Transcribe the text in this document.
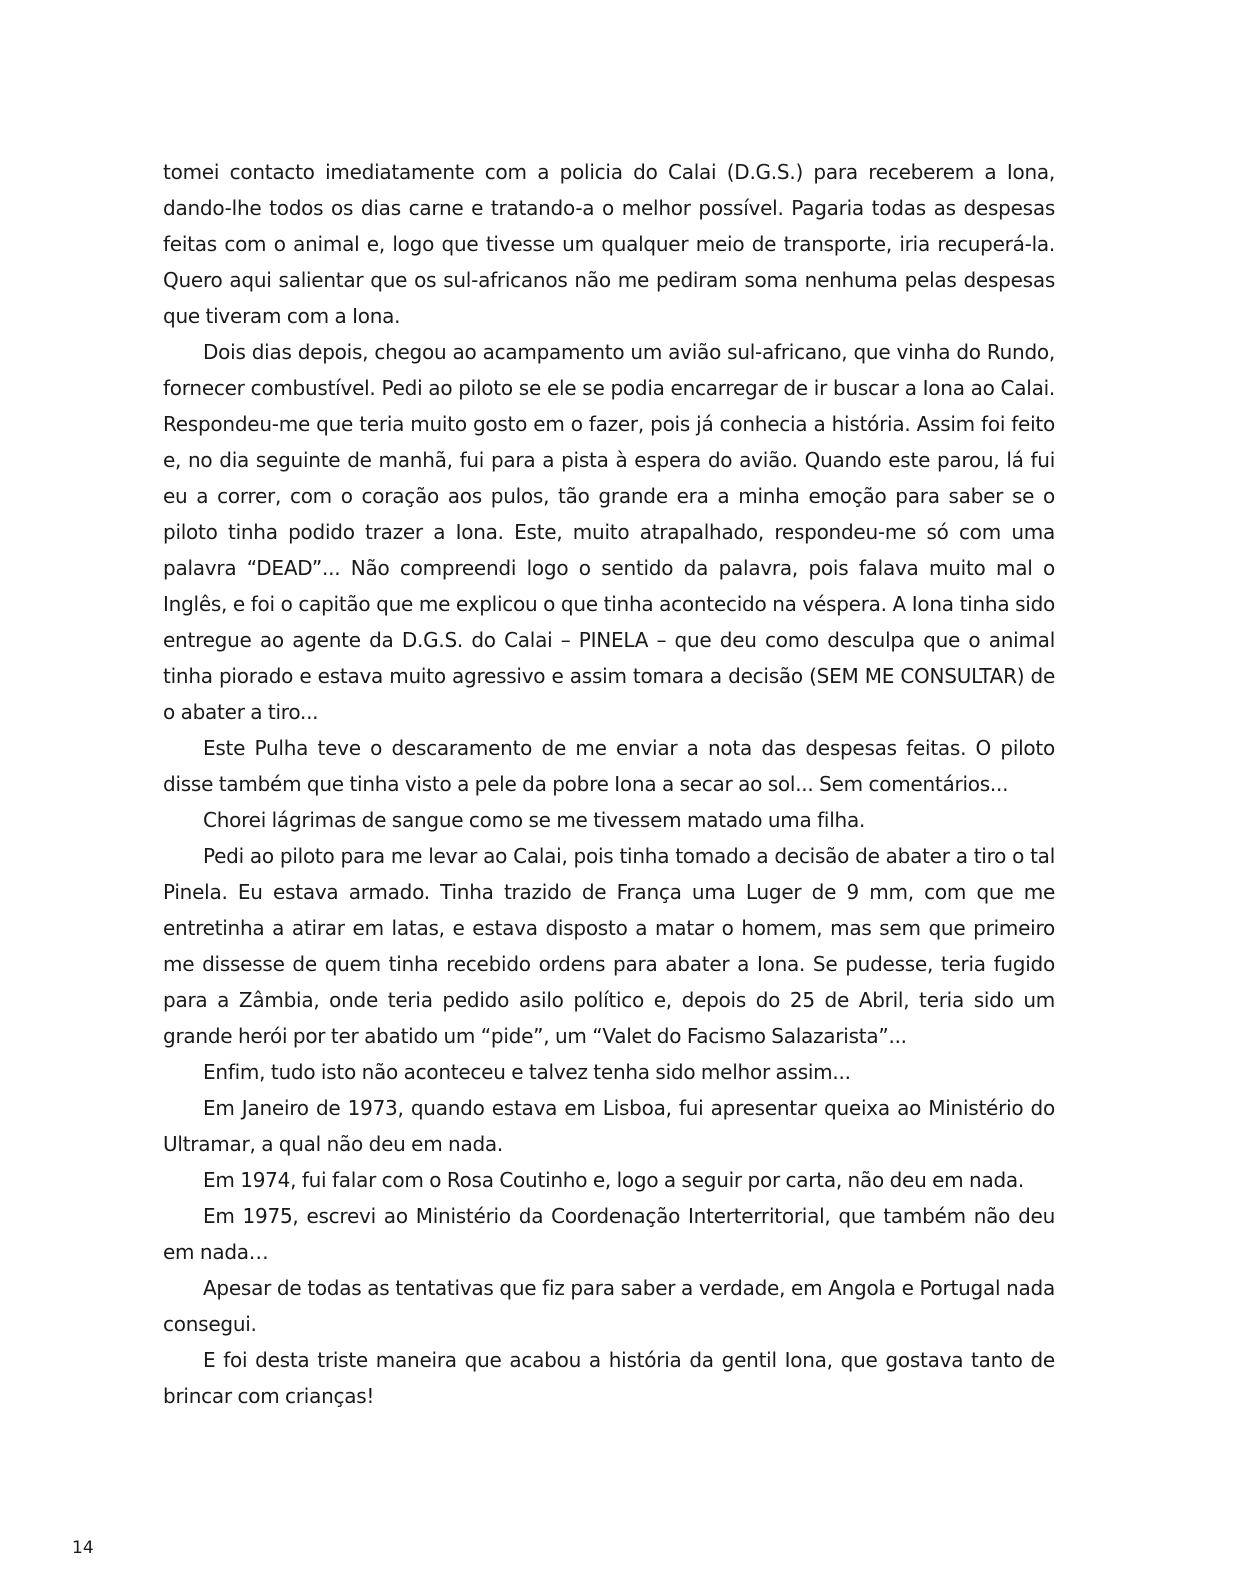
tomei contacto imediatamente com a policia do Calai (D.G.S.) para receberem a Iona, dando-lhe todos os dias carne e tratando-a o melhor possível. Pagaria todas as despesas feitas com o animal e, logo que tivesse um qualquer meio de transporte, iria recuperá-la. Quero aqui salientar que os sul-africanos não me pediram soma nenhuma pelas despesas que tiveram com a Iona.

Dois dias depois, chegou ao acampamento um avião sul-africano, que vinha do Rundo, fornecer combustível. Pedi ao piloto se ele se podia encarregar de ir buscar a Iona ao Calai. Respondeu-me que teria muito gosto em o fazer, pois já conhecia a história. Assim foi feito e, no dia seguinte de manhã, fui para a pista à espera do avião. Quando este parou, lá fui eu a correr, com o coração aos pulos, tão grande era a minha emoção para saber se o piloto tinha podido trazer a Iona. Este, muito atrapalhado, respondeu-me só com uma palavra “DEAD”... Não compreendi logo o sentido da palavra, pois falava muito mal o Inglês, e foi o capitão que me explicou o que tinha acontecido na véspera. A Iona tinha sido entregue ao agente da D.G.S. do Calai – PINELA – que deu como desculpa que o animal tinha piorado e estava muito agressivo e assim tomara a decisão (SEM ME CONSULTAR) de o abater a tiro...

Este Pulha teve o descaramento de me enviar a nota das despesas feitas. O piloto disse também que tinha visto a pele da pobre Iona a secar ao sol... Sem comentários...

Chorei lágrimas de sangue como se me tivessem matado uma filha.

Pedi ao piloto para me levar ao Calai, pois tinha tomado a decisão de abater a tiro o tal Pinela. Eu estava armado. Tinha trazido de França uma Luger de 9 mm, com que me entretinha a atirar em latas, e estava disposto a matar o homem, mas sem que primeiro me dissesse de quem tinha recebido ordens para abater a Iona. Se pudesse, teria fugido para a Zâmbia, onde teria pedido asilo político e, depois do 25 de Abril, teria sido um grande herói por ter abatido um “pide”, um “Valet do Facismo Salazarista”...

Enfim, tudo isto não aconteceu e talvez tenha sido melhor assim...

Em Janeiro de 1973, quando estava em Lisboa, fui apresentar queixa ao Ministério do Ultramar, a qual não deu em nada.

Em 1974, fui falar com o Rosa Coutinho e, logo a seguir por carta, não deu em nada.

Em 1975, escrevi ao Ministério da Coordenação Interterritorial, que também não deu em nada…

Apesar de todas as tentativas que fiz para saber a verdade, em Angola e Portugal nada consegui.

E foi desta triste maneira que acabou a história da gentil Iona, que gostava tanto de brincar com crianças!

14
